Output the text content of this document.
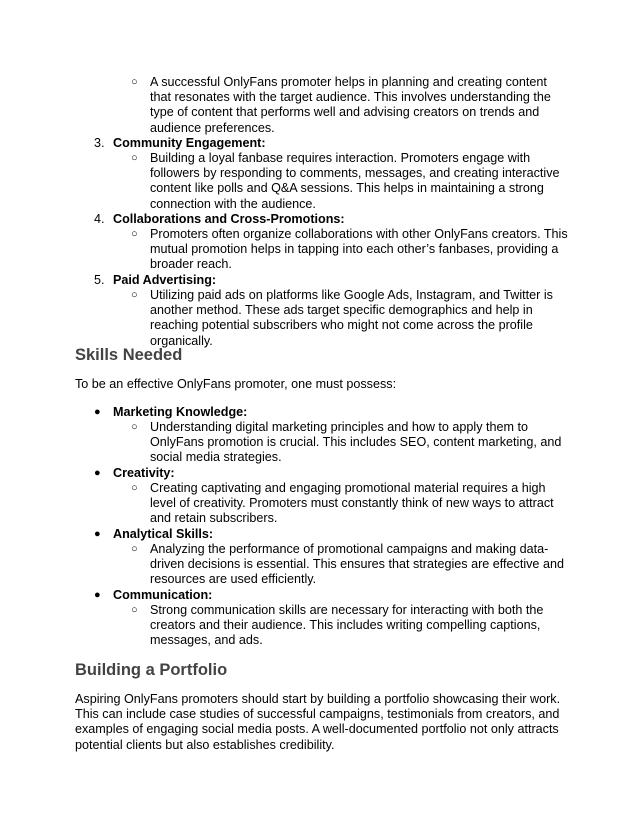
○ A successful OnlyFans promoter helps in planning and creating content that resonates with the target audience. This involves understanding the type of content that performs well and advising creators on trends and audience preferences.
3. Community Engagement:
○ Building a loyal fanbase requires interaction. Promoters engage with followers by responding to comments, messages, and creating interactive content like polls and Q&A sessions. This helps in maintaining a strong connection with the audience.
4. Collaborations and Cross-Promotions:
○ Promoters often organize collaborations with other OnlyFans creators. This mutual promotion helps in tapping into each other’s fanbases, providing a broader reach.
5. Paid Advertising:
○ Utilizing paid ads on platforms like Google Ads, Instagram, and Twitter is another method. These ads target specific demographics and help in reaching potential subscribers who might not come across the profile organically.
Skills Needed
To be an effective OnlyFans promoter, one must possess:
● Marketing Knowledge:
○ Understanding digital marketing principles and how to apply them to OnlyFans promotion is crucial. This includes SEO, content marketing, and social media strategies.
● Creativity:
○ Creating captivating and engaging promotional material requires a high level of creativity. Promoters must constantly think of new ways to attract and retain subscribers.
● Analytical Skills:
○ Analyzing the performance of promotional campaigns and making data-driven decisions is essential. This ensures that strategies are effective and resources are used efficiently.
● Communication:
○ Strong communication skills are necessary for interacting with both the creators and their audience. This includes writing compelling captions, messages, and ads.
Building a Portfolio
Aspiring OnlyFans promoters should start by building a portfolio showcasing their work. This can include case studies of successful campaigns, testimonials from creators, and examples of engaging social media posts. A well-documented portfolio not only attracts potential clients but also establishes credibility.
